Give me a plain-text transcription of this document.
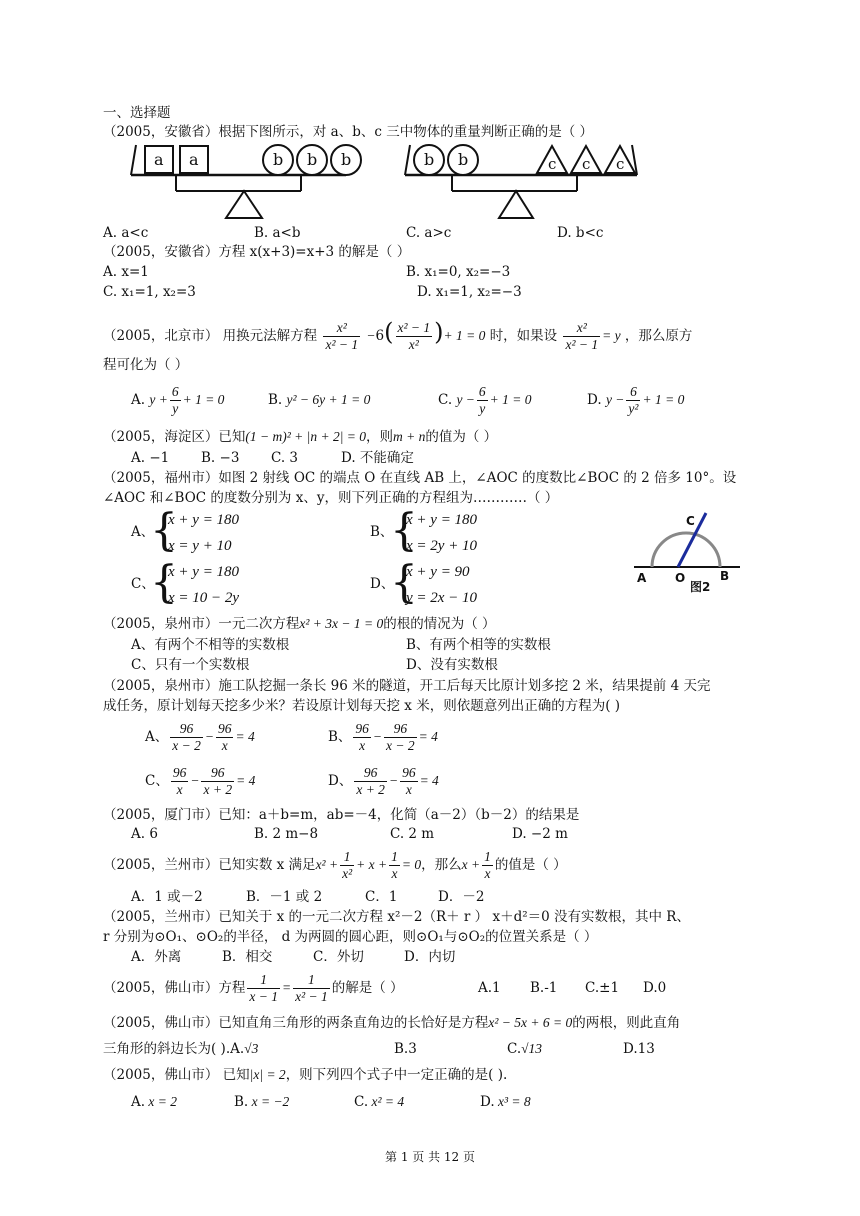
一、选择题
（2005，安徽省）根据下图所示，对 a、b、c 三中物体的重量判断正确的是（ ）
a a	b b b	b b	c c c
A. a<c	B. a<b	C. a>c	D. b<c
（2005，安徽省）方程 x(x+3)=x+3 的解是（ ）
A. x=1	B. x₁=0, x₂=−3
C. x₁=1, x₂=3	D. x₁=1, x₂=−3
（2005，北京市） 用换元法解方程 $\frac{\text{x²}}{\text{x² − 1}} -6( \frac{\text{x² − 1}}{\text{x²}}$ )+ 1 = 0 时，如果设 $\frac{\text{x²}}{\text{x² − 1}} = y$ ，那么原方
程可化为（ ）
A. $y + \frac{6}{y} + 1 = 0$	B. y² − 6y + 1 = 0	C. $y - \frac{6}{y} + 1 = 0$	D. $y - \frac{6}{\text{y²}} + 1 = 0$
（2005，海淀区）已知(1 − m)² + |n + 2| = 0，则m + n的值为（ ）
A. −1 B. −3 C. 3	D. 不能确定
（2005，福州市）如图 2 射线 OC 的端点 O 在直线 AB 上，∠AOC 的度数比∠BOC 的 2 倍多 10°。设
∠AOC 和∠BOC 的度数分别为 x、y，则下列正确的方程组为…………（ ）
A、
{
x + y = 180
x = y + 10
B、
{
x + y = 180
x = 2y + 10
C、
{
x + y = 180
x = 10 − 2y
D、
{
x + y = 90
y = 2x − 10
A O	B
C
图2
（2005，泉州市）一元二次方程x² + 3x − 1 = 0的根的情况为（ ）
A、有两个不相等的实数根	B、有两个相等的实数根
C、只有一个实数根	D、没有实数根
（2005，泉州市）施工队挖掘一条长 96 米的隧道，开工后每天比原计划多挖 2 米，结果提前 4 天完
成任务，原计划每天挖多少米？若设原计划每天挖 x 米，则依题意列出正确的方程为( )
A、 $\frac{96}{x - 2} - \frac{96}{x} = 4$	B、 $\frac{96}{x} - \frac{96}{x - 2} = 4$
C、 $\frac{96}{x} - \frac{96}{x + 2} = 4$	D、 $\frac{96}{x + 2} - \frac{96}{x} = 4$
（2005，厦门市）已知：a＋b=m，ab=－4，化简（a－2）（b－2）的结果是
A. 6	B. 2 m−8	C. 2 m	D. −2 m
（2005，兰州市）已知实数 x 满足$x^2 + \frac{1}{\text{x²}} + x + \frac{1}{x} = 0$，那么$x + \frac{1}{x}$ 的值是（ ）
A．1 或－2	B．－1 或 2	C．1	D．－2
（2005，兰州市）已知关于 x 的一元二次方程 x²－2（R＋ r ） x＋d²＝0 没有实数根，其中 R、
r 分别为⊙O₁、⊙O₂的半径， d 为两圆的圆心距，则⊙O₁与⊙O₂的位置关系是（ ）
A．外离	B．相交	C．外切	D．内切
（2005，佛山市）方程 $\frac{1}{x - 1} = \frac{1}{\text{x² − 1}}$ 的解是（ ）	A.1 B.-1 C.±1 D.0
（2005，佛山市）已知直角三角形的两条直角边的长恰好是方程x² − 5x + 6 = 0的两根，则此直角
三角形的斜边长为( ).A.√3	B.3	C.√13	D.13
（2005，佛山市） 已知|x| = 2，则下列四个式子中一定正确的是( ).
A. x = 2	B. x = −2	C. x² = 4	D. x³ = 8
第 1 页 共 12 页
